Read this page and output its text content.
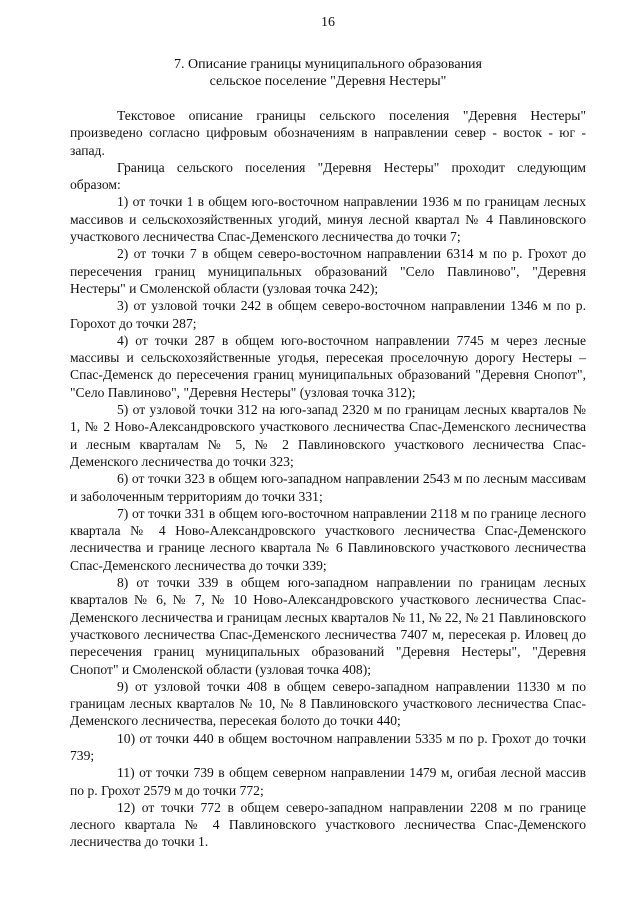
16
7. Описание границы муниципального образования
сельское поселение "Деревня Нестеры"

Текстовое описание границы сельского поселения "Деревня Нестеры" произведено согласно цифровым обозначениям в направлении север - восток - юг - запад.

Граница сельского поселения "Деревня Нестеры" проходит следующим образом:

1) от точки 1 в общем юго-восточном направлении 1936 м по границам лесных массивов и сельскохозяйственных угодий, минуя лесной квартал № 4 Павлиновского участкового лесничества Спас-Деменского лесничества до точки 7;

2) от точки 7 в общем северо-восточном направлении 6314 м по р. Грохот до пересечения границ муниципальных образований "Село Павлиново", "Деревня Нестеры" и Смоленской области (узловая точка 242);

3) от узловой точки 242 в общем северо-восточном направлении 1346 м по р. Горохот до точки 287;

4) от точки 287 в общем юго-восточном направлении 7745 м через лесные массивы и сельскохозяйственные угодья, пересекая проселочную дорогу Нестеры – Спас-Деменск до пересечения границ муниципальных образований "Деревня Снопот", "Село Павлиново", "Деревня Нестеры" (узловая точка 312);

5) от узловой точки 312 на юго-запад 2320 м по границам лесных кварталов № 1, № 2 Ново-Александровского участкового лесничества Спас-Деменского лесничества и лесным кварталам № 5, № 2 Павлиновского участкового лесничества Спас-Деменского лесничества до точки 323;

6) от точки 323 в общем юго-западном направлении 2543 м по лесным массивам и заболоченным территориям до точки 331;

7) от точки 331 в общем юго-восточном направлении 2118 м по границе лесного квартала № 4 Ново-Александровского участкового лесничества Спас-Деменского лесничества и границе лесного квартала № 6 Павлиновского участкового лесничества Спас-Деменского лесничества до точки 339;

8) от точки 339 в общем юго-западном направлении по границам лесных кварталов № 6, № 7, № 10 Ново-Александровского участкового лесничества Спас-Деменского лесничества и границам лесных кварталов № 11, № 22, № 21 Павлиновского участкового лесничества Спас-Деменского лесничества 7407 м, пересекая р. Иловец до пересечения границ муниципальных образований "Деревня Нестеры", "Деревня Снопот" и Смоленской области (узловая точка 408);

9) от узловой точки 408 в общем северо-западном направлении 11330 м по границам лесных кварталов № 10, № 8 Павлиновского участкового лесничества Спас-Деменского лесничества, пересекая болото до точки 440;

10) от точки 440 в общем восточном направлении 5335 м по р. Грохот до точки 739;

11) от точки 739 в общем северном направлении 1479 м, огибая лесной массив по р. Грохот 2579 м до точки 772;

12) от точки 772 в общем северо-западном направлении 2208 м по границе лесного квартала № 4 Павлиновского участкового лесничества Спас-Деменского лесничества до точки 1.
